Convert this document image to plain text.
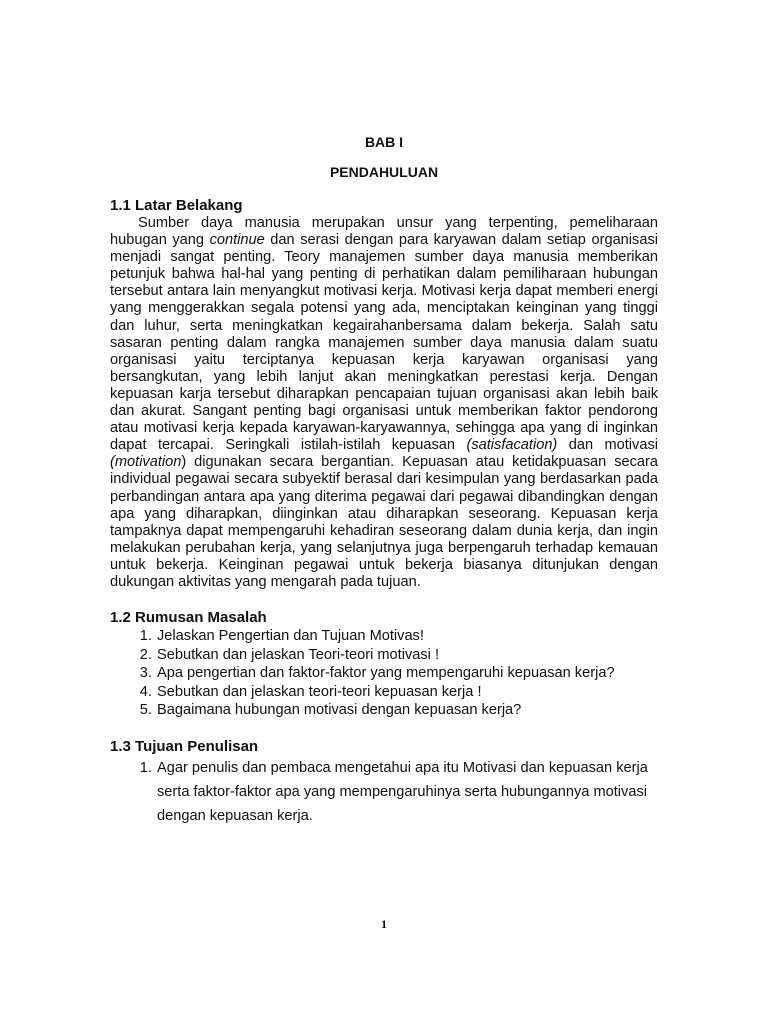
BAB I
PENDAHULUAN
1.1 Latar Belakang

Sumber daya manusia merupakan unsur yang terpenting, pemeliharaan hubugan yang continue dan serasi dengan para karyawan dalam setiap organisasi menjadi sangat penting. Teory manajemen sumber daya manusia memberikan petunjuk bahwa hal-hal yang penting di perhatikan dalam pemiliharaan hubungan tersebut antara lain menyangkut motivasi kerja. Motivasi kerja dapat memberi energi yang menggerakkan segala potensi yang ada, menciptakan keinginan yang tinggi dan luhur, serta meningkatkan kegairahanbersama dalam bekerja. Salah satu sasaran penting dalam rangka manajemen sumber daya manusia dalam suatu organisasi yaitu terciptanya kepuasan kerja karyawan organisasi yang bersangkutan, yang lebih lanjut akan meningkatkan perestasi kerja. Dengan kepuasan karja tersebut diharapkan pencapaian tujuan organisasi akan lebih baik dan akurat. Sangant penting bagi organisasi untuk memberikan faktor pendorong atau motivasi kerja kepada karyawan-karyawannya, sehingga apa yang di inginkan dapat tercapai. Seringkali istilah-istilah kepuasan (satisfacation) dan motivasi (motivation) digunakan secara bergantian. Kepuasan atau ketidakpuasan secara individual pegawai secara subyektif berasal dari kesimpulan yang berdasarkan pada perbandingan antara apa yang diterima pegawai dari pegawai dibandingkan dengan apa yang diharapkan, diinginkan atau diharapkan seseorang. Kepuasan kerja tampaknya dapat mempengaruhi kehadiran seseorang dalam dunia kerja, dan ingin melakukan perubahan kerja, yang selanjutnya juga berpengaruh terhadap kemauan untuk bekerja. Keinginan pegawai untuk bekerja biasanya ditunjukan dengan dukungan aktivitas yang mengarah pada tujuan.

1.2 Rumusan Masalah
1. Jelaskan Pengertian dan Tujuan Motivas!
2. Sebutkan dan jelaskan Teori-teori motivasi !
3. Apa pengertian dan faktor-faktor yang mempengaruhi kepuasan kerja?
4. Sebutkan dan jelaskan teori-teori kepuasan kerja !
5. Bagaimana hubungan motivasi dengan kepuasan kerja?
1.3 Tujuan Penulisan
1. Agar penulis dan pembaca mengetahui apa itu Motivasi dan kepuasan kerja serta faktor-faktor apa yang mempengaruhinya serta hubungannya motivasi dengan kepuasan kerja.
1
